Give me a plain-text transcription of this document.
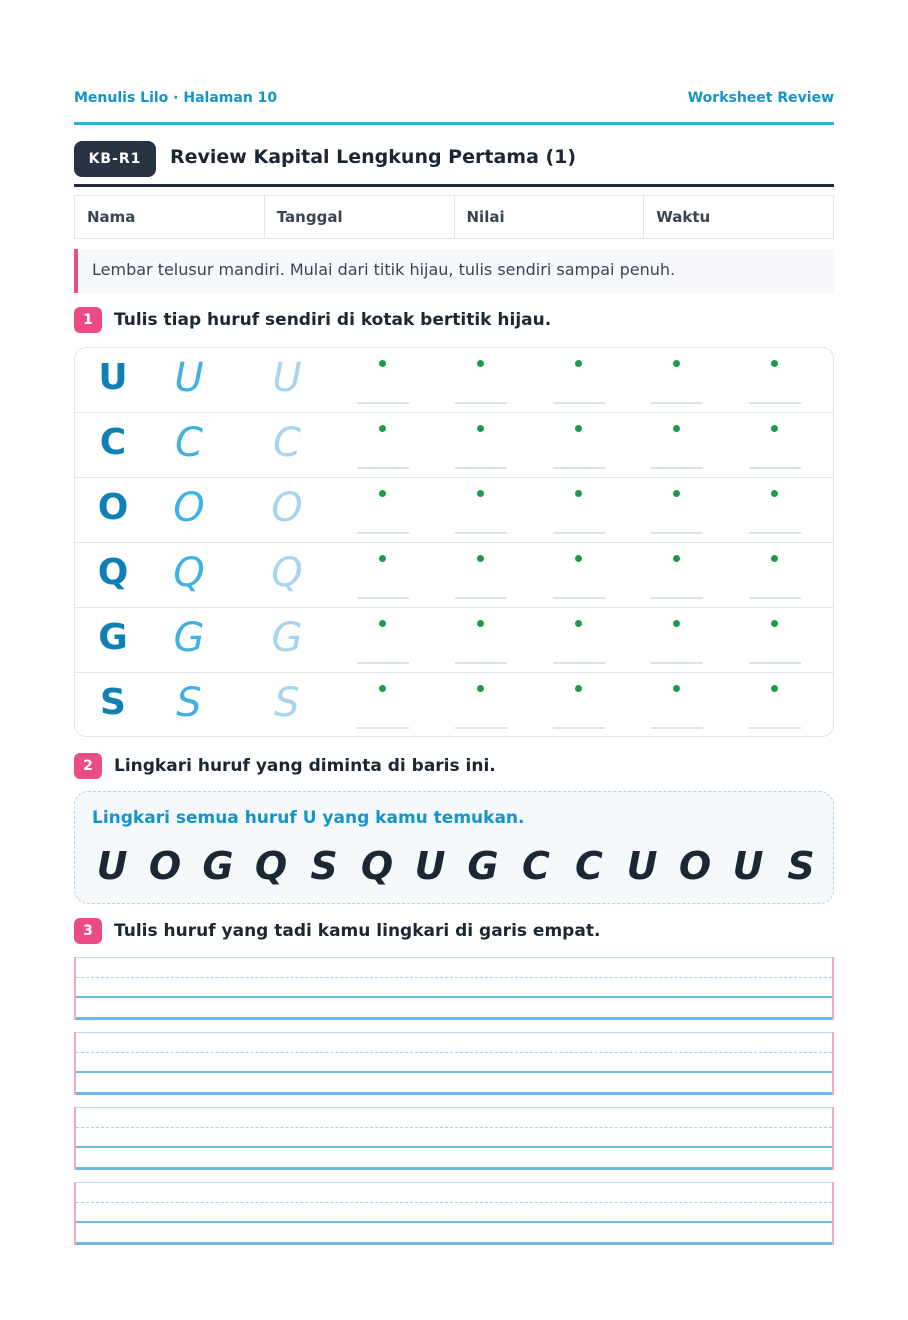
Menulis Lilo · Halaman 10	Worksheet Review
KB-R1	Review Kapital Lengkung Pertama (1)
Nama	Tanggal	Nilai	Waktu
Lembar telusur mandiri. Mulai dari titik hijau, tulis sendiri sampai penuh.
1	Tulis tiap huruf sendiri di kotak bertitik hijau.
U	U	U
C	C	C
O	O	O
Q	Q	Q
G	G	G
S	S	S
2	Lingkari huruf yang diminta di baris ini.
Lingkari semua huruf U yang kamu temukan.
U O G Q S Q U G C C U O U S
3	Tulis huruf yang tadi kamu lingkari di garis empat.
